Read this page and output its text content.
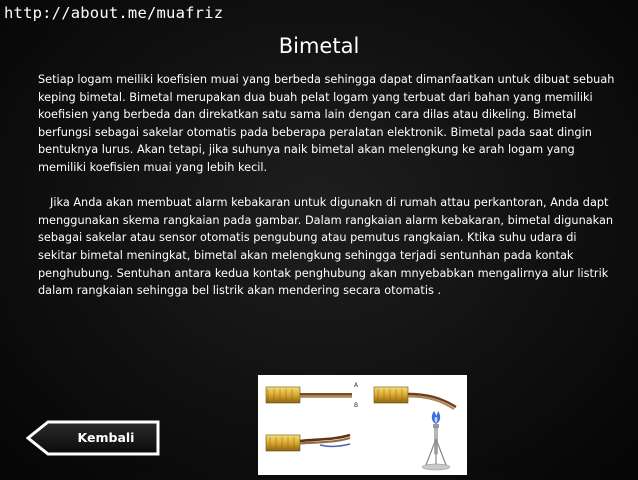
http://about.me/muafriz
Bimetal

Setiap logam meiliki koefisien muai yang berbeda sehingga dapat dimanfaatkan untuk dibuat sebuah keping bimetal. Bimetal merupakan dua buah pelat logam yang terbuat dari bahan yang memiliki koefisien yang berbeda dan direkatkan satu sama lain dengan cara dilas atau dikeling. Bimetal berfungsi sebagai sakelar otomatis pada beberapa peralatan elektronik. Bimetal pada saat dingin bentuknya lurus. Akan tetapi, jika suhunya naik bimetal akan melengkung ke arah logam yang memiliki koefisien muai yang lebih kecil.

Jika Anda akan membuat alarm kebakaran untuk digunakn di rumah attau perkantoran, Anda dapt menggunakan skema rangkaian pada gambar. Dalam rangkaian alarm kebakaran, bimetal digunakan sebagai sakelar atau sensor otomatis pengubung atau pemutus rangkaian. Ktika suhu udara di sekitar bimetal meningkat, bimetal akan melengkung sehingga terjadi sentunhan pada kontak penghubung. Sentuhan antara kedua kontak penghubung akan mnyebabkan mengalirnya alur listrik dalam rangkaian sehingga bel listrik akan mendering secara otomatis .

A
B
Kembali
